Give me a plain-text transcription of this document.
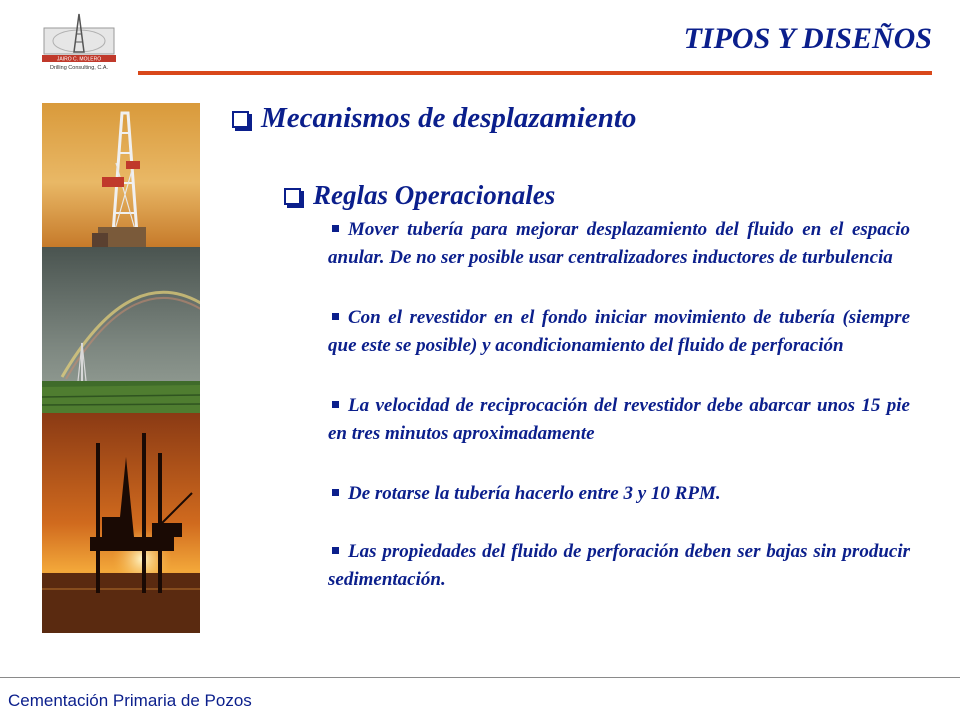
JAIRO C. MOLERO
Drilling Consulting, C.A.
TIPOS Y DISEÑOS
Mecanismos de desplazamiento
Reglas Operacionales

Mover tubería para mejorar desplazamiento del fluido en el espacio anular. De no ser posible usar centralizadores inductores de turbulencia

Con el revestidor en el fondo iniciar movimiento de tubería (siempre que este se posible) y acondicionamiento del fluido de perforación

La velocidad de reciprocación del revestidor debe abarcar unos 15 pie en tres minutos aproximadamente

De rotarse la tubería hacerlo entre 3 y 10 RPM.

Las propiedades del fluido de perforación deben ser bajas sin producir sedimentación.

Cementación Primaria de Pozos
